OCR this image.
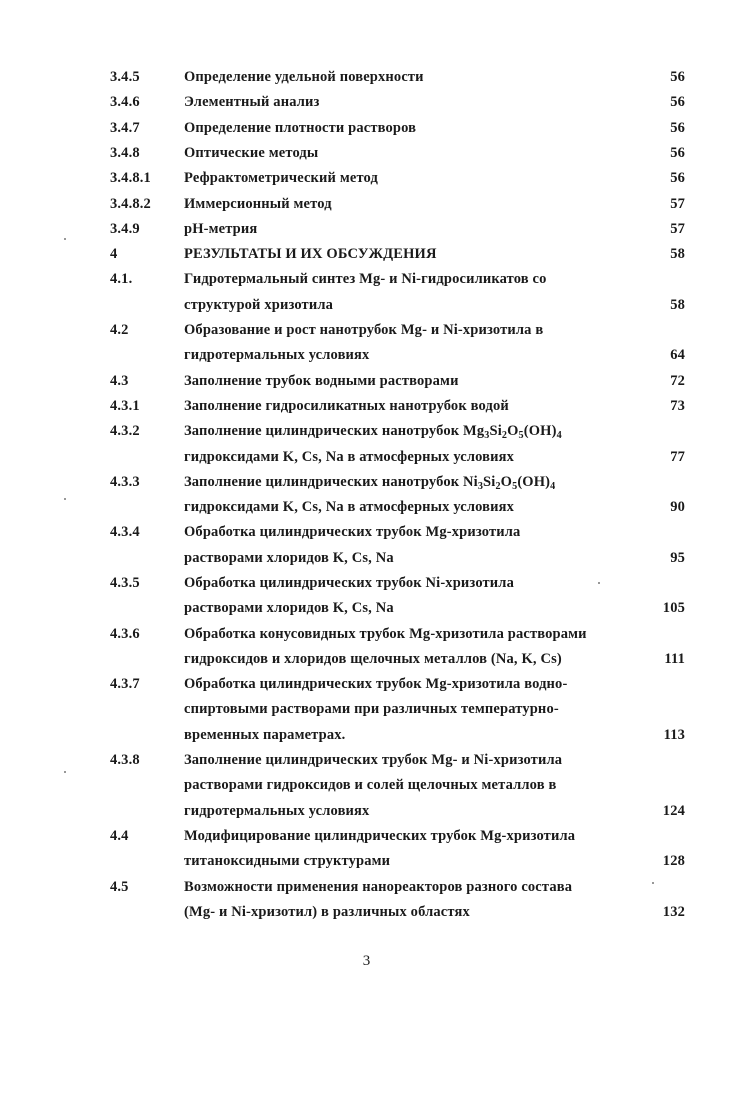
3.4.5	Определение удельной поверхности	56
3.4.6	Элементный анализ	56
3.4.7	Определение плотности растворов	56
3.4.8	Оптические методы	56
3.4.8.1 Рефрактометрический метод	56
3.4.8.2 Иммерсионный метод	57
3.4.9	pH-метрия	57
4	РЕЗУЛЬТАТЫ И ИХ ОБСУЖДЕНИЯ	58
4.1.	Гидротермальный синтез Mg- и Ni-гидросиликатов со
структурой хризотила	58
4.2	Образование и рост нанотрубок Mg- и Ni-хризотила в
гидротермальных условиях	64
4.3	Заполнение трубок водными растворами	72
4.3.1	Заполнение гидросиликатных нанотрубок водой	73
4.3.2	Заполнение цилиндрических нанотрубок $Mg_3Si_2O_5(OH)_4$
гидроксидами K, Cs, Na в атмосферных условиях	77
4.3.3	Заполнение цилиндрических нанотрубок $Ni_3Si_2O_5(OH)_4$
гидроксидами K, Cs, Na в атмосферных условиях	90
4.3.4	Обработка цилиндрических трубок Mg-хризотила
растворами хлоридов K, Cs, Na	95
4.3.5	Обработка цилиндрических трубок Ni-хризотила
растворами хлоридов K, Cs, Na	105
4.3.6	Обработка конусовидных трубок Mg-хризотила растворами
гидроксидов и хлоридов щелочных металлов (Na, K, Cs)	111
4.3.7	Обработка цилиндрических трубок Mg-хризотила водно-
спиртовыми растворами при различных температурно-
временных параметрах.	113
4.3.8	Заполнение цилиндрических трубок Mg- и Ni-хризотила
растворами гидроксидов и солей щелочных металлов в
гидротермальных условиях	124
4.4	Модифицирование цилиндрических трубок Mg-хризотила
титаноксидными структурами	128
4.5	Возможности применения нанореакторов разного состава
(Mg- и Ni-хризотил) в различных областях	132
3
